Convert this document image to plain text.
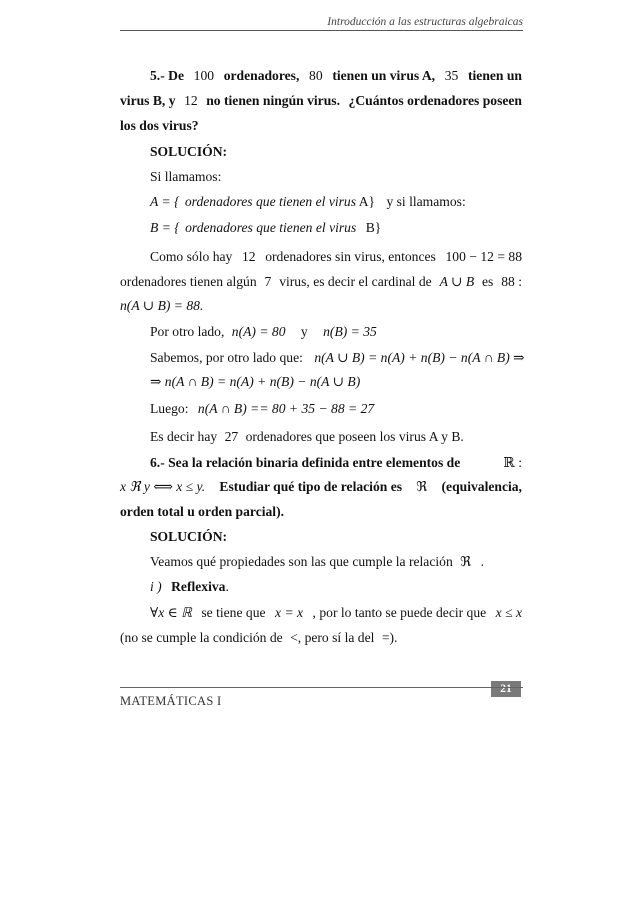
Introducción a las estructuras algebraicas
5.- De 100 ordenadores, 80 tienen un virus A, 35 tienen un
virus B, y 12 no tienen ningún virus. ¿Cuántos ordenadores poseen
los dos virus?
SOLUCIÓN:
Si llamamos:
A = { ordenadores que tienen el virus A} y si llamamos:
B = { ordenadores que tienen el virus B}
Como sólo hay 12 ordenadores sin virus, entonces 100 − 12 = 88
ordenadores tienen algún 7 virus, es decir el cardinal de A ∪ B es 88 :
n(A ∪ B) = 88.
Por otro lado, n(A) = 80 y n(B) = 35
Sabemos, por otro lado que: n(A ∪ B) = n(A) + n(B) − n(A ∩ B) ⇒
⇒ n(A ∩ B) = n(A) + n(B) − n(A ∪ B)
Luego: n(A ∩ B) == 80 + 35 − 88 = 27
Es decir hay 27 ordenadores que poseen los virus A y B.
6.- Sea la relación binaria definida entre elementos de	ℝ :
x ℜ y ⟺ x ≤ y. Estudiar qué tipo de relación es ℜ (equivalencia,
orden total u orden parcial).
SOLUCIÓN:
Veamos qué propiedades son las que cumple la relación ℜ .
i ) Reflexiva.
∀x ∈ ℝ se tiene que x = x , por lo tanto se puede decir que x ≤ x
(no se cumple la condición de <, pero sí la del =).
21
MATEMÁTICAS I
